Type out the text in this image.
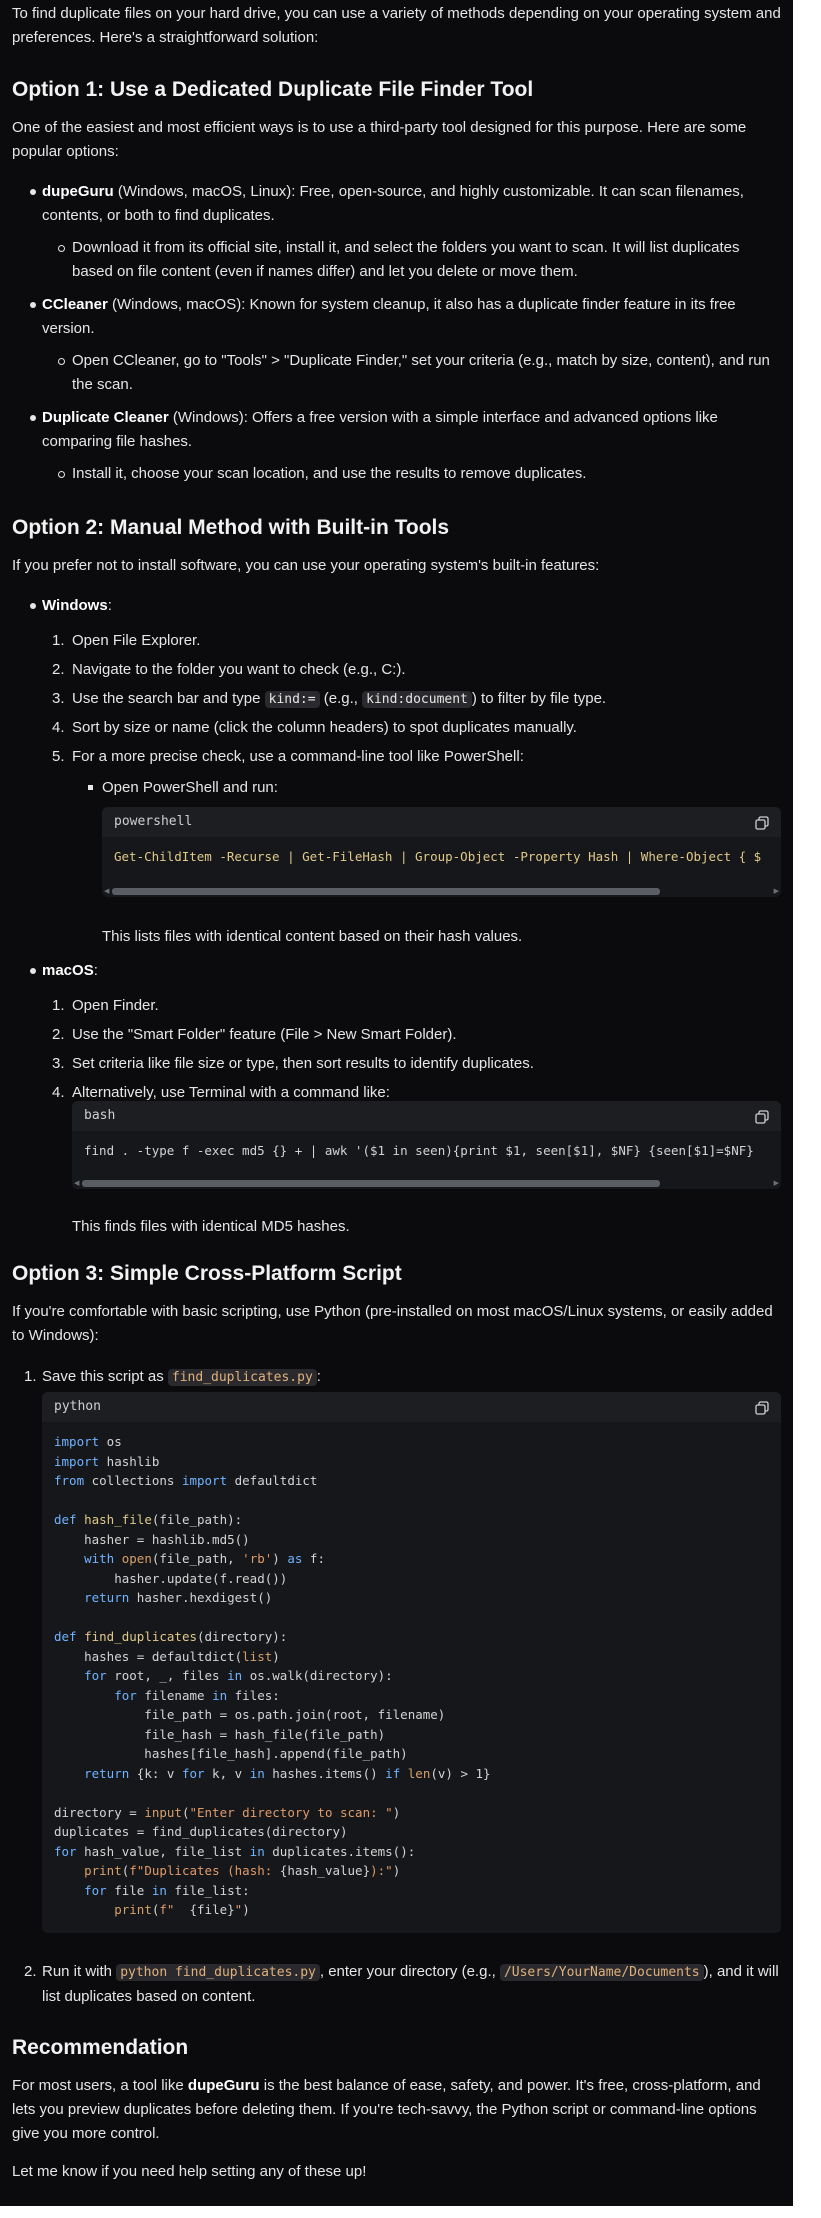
To find duplicate files on your hard drive, you can use a variety of methods depending on your operating system and preferences. Here's a straightforward solution:

Option 1: Use a Dedicated Duplicate File Finder Tool

One of the easiest and most efficient ways is to use a third-party tool designed for this purpose. Here are some popular options:

dupeGuru (Windows, macOS, Linux): Free, open-source, and highly customizable. It can scan filenames, contents, or both to find duplicates.

Download it from its official site, install it, and select the folders you want to scan. It will list duplicates based on file content (even if names differ) and let you delete or move them.

CCleaner (Windows, macOS): Known for system cleanup, it also has a duplicate finder feature in its free version.

Open CCleaner, go to "Tools" > "Duplicate Finder," set your criteria (e.g., match by size, content), and run the scan.

Duplicate Cleaner (Windows): Offers a free version with a simple interface and advanced options like comparing file hashes.

Install it, choose your scan location, and use the results to remove duplicates.

Option 2: Manual Method with Built-in Tools

If you prefer not to install software, you can use your operating system's built-in features:

Windows:

1. Open File Explorer.

2. Navigate to the folder you want to check (e.g., C:).

3. Use the search bar and type kind:= (e.g., kind:document ) to filter by file type.

4. Sort by size or name (click the column headers) to spot duplicates manually.

5. For a more precise check, use a command-line tool like PowerShell:

Open PowerShell and run:

powershell
Get-ChildItem -Recurse | Get-FileHash | Group-Object -Property Hash | Where-Object { $
◀	▶

This lists files with identical content based on their hash values.

macOS:

1. Open Finder.

2. Use the "Smart Folder" feature (File > New Smart Folder).

3. Set criteria like file size or type, then sort results to identify duplicates.

4. Alternatively, use Terminal with a command like:

bash
find . -type f -exec md5 {} + | awk '($1 in seen){print $1, seen[$1], $NF} {seen[$1]=$NF}
◀	▶

This finds files with identical MD5 hashes.

Option 3: Simple Cross-Platform Script

If you're comfortable with basic scripting, use Python (pre-installed on most macOS/Linux systems, or easily added to Windows):

1. Save this script as find_duplicates.py :

python
import os
import hashlib
from collections import defaultdict

def hash_file(file_path):
hasher = hashlib.md5()
with open(file_path, 'rb') as f:
hasher.update(f.read())
return hasher.hexdigest()

def find_duplicates(directory):
hashes = defaultdict(list)
for root, _, files in os.walk(directory):
for filename in files:
file_path = os.path.join(root, filename)
file_hash = hash_file(file_path)
hashes[file_hash].append(file_path)
return {k: v for k, v in hashes.items() if len(v) > 1}

directory = input("Enter directory to scan: ")
duplicates = find_duplicates(directory)
for hash_value, file_list in duplicates.items():
print(f"Duplicates (hash: {hash_value}):")
for file in file_list:
print(f"  {file}")

2. Run it with python find_duplicates.py , enter your directory (e.g., /Users/YourName/Documents ), and it will list duplicates based on content.

Recommendation

For most users, a tool like dupeGuru is the best balance of ease, safety, and power. It's free, cross-platform, and lets you preview duplicates before deleting them. If you're tech-savvy, the Python script or command-line options give you more control.

Let me know if you need help setting any of these up!
